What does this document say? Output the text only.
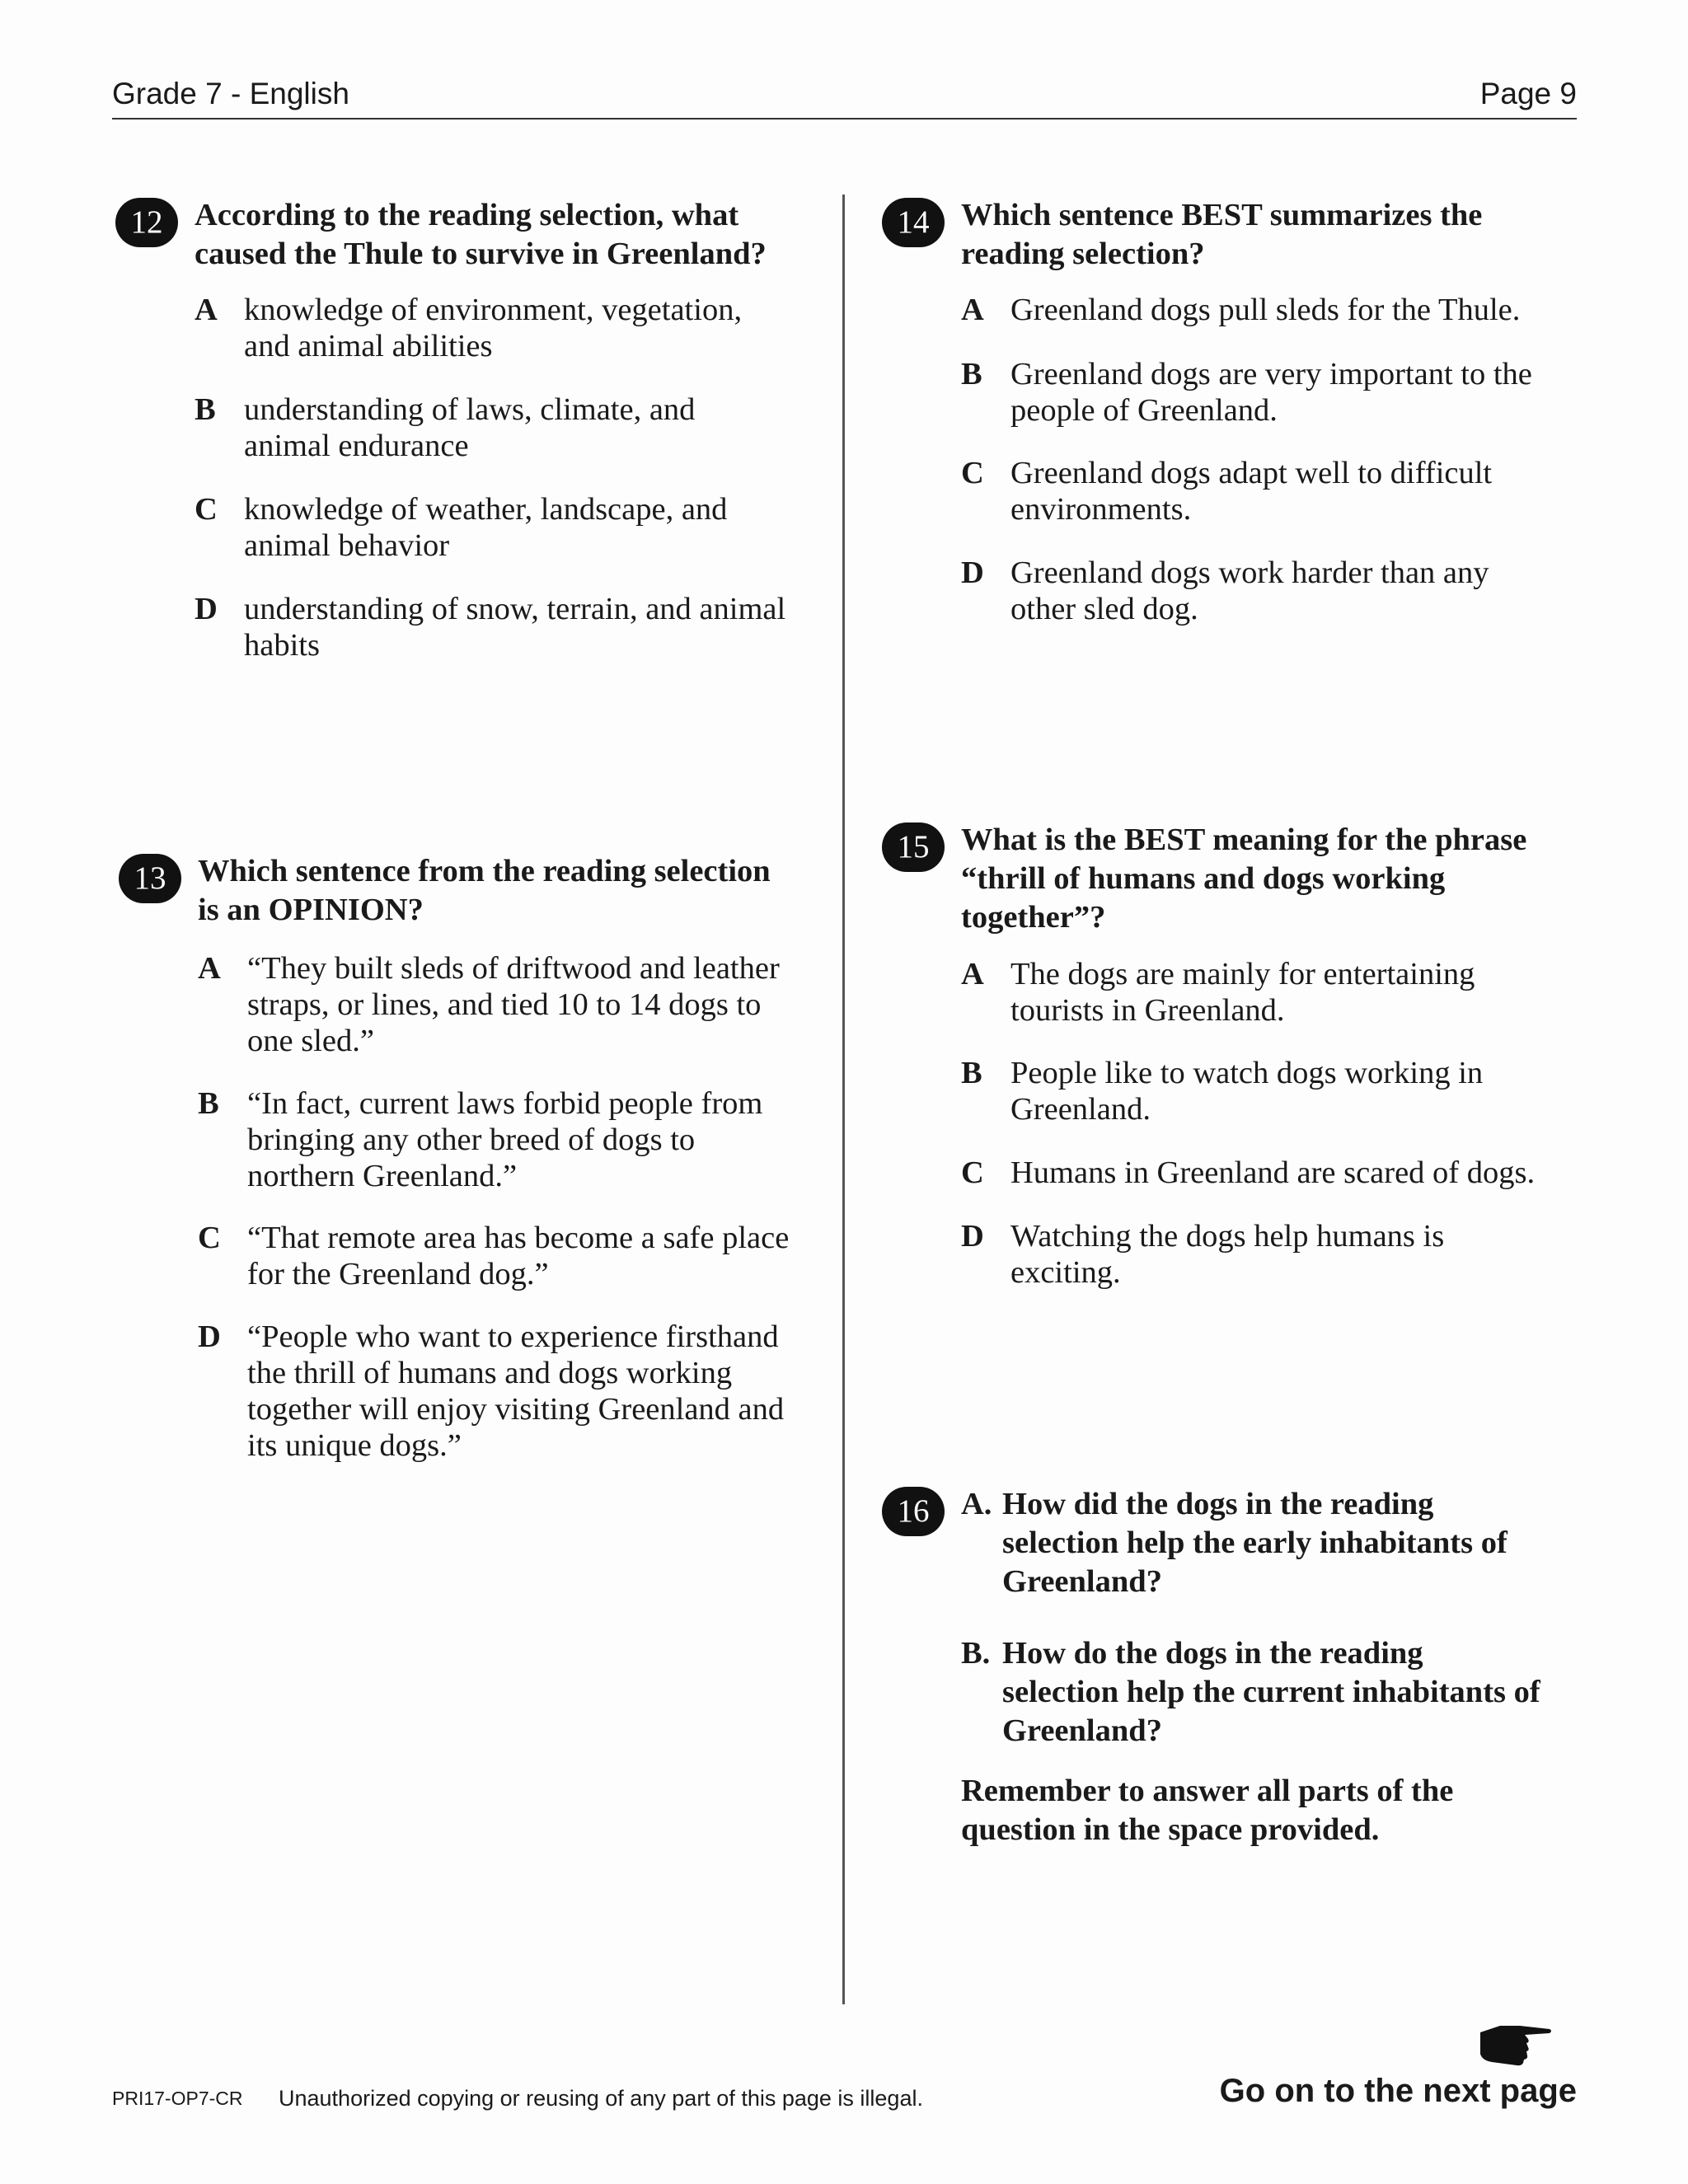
Grade 7 - English	Page 9
12	According to the reading selection, what
caused the Thule to survive in Greenland?
A knowledge of environment, vegetation,
and animal abilities
B understanding of laws, climate, and
animal endurance
C knowledge of weather, landscape, and
animal behavior
D understanding of snow, terrain, and animal
habits
13	Which sentence from the reading selection
is an OPINION?
A “They built sleds of driftwood and leather
straps, or lines, and tied 10 to 14 dogs to
one sled.”
B “In fact, current laws forbid people from
bringing any other breed of dogs to
northern Greenland.”
C “That remote area has become a safe place
for the Greenland dog.”
D “People who want to experience firsthand
the thrill of humans and dogs working
together will enjoy visiting Greenland and
its unique dogs.”
14	Which sentence BEST summarizes the
reading selection?
A Greenland dogs pull sleds for the Thule.
B Greenland dogs are very important to the
people of Greenland.
C Greenland dogs adapt well to difficult
environments.
D Greenland dogs work harder than any
other sled dog.
15	What is the BEST meaning for the phrase
“thrill of humans and dogs working
together”?
A The dogs are mainly for entertaining
tourists in Greenland.
B People like to watch dogs working in
Greenland.
C Humans in Greenland are scared of dogs.
D Watching the dogs help humans is
exciting.
16	A. How did the dogs in the reading
selection help the early inhabitants of
Greenland?
B. How do the dogs in the reading
selection help the current inhabitants of
Greenland?
Remember to answer all parts of the
question in the space provided.
PRI17-OP7-CR Unauthorized copying or reusing of any part of this page is illegal.	Go on to the next page
